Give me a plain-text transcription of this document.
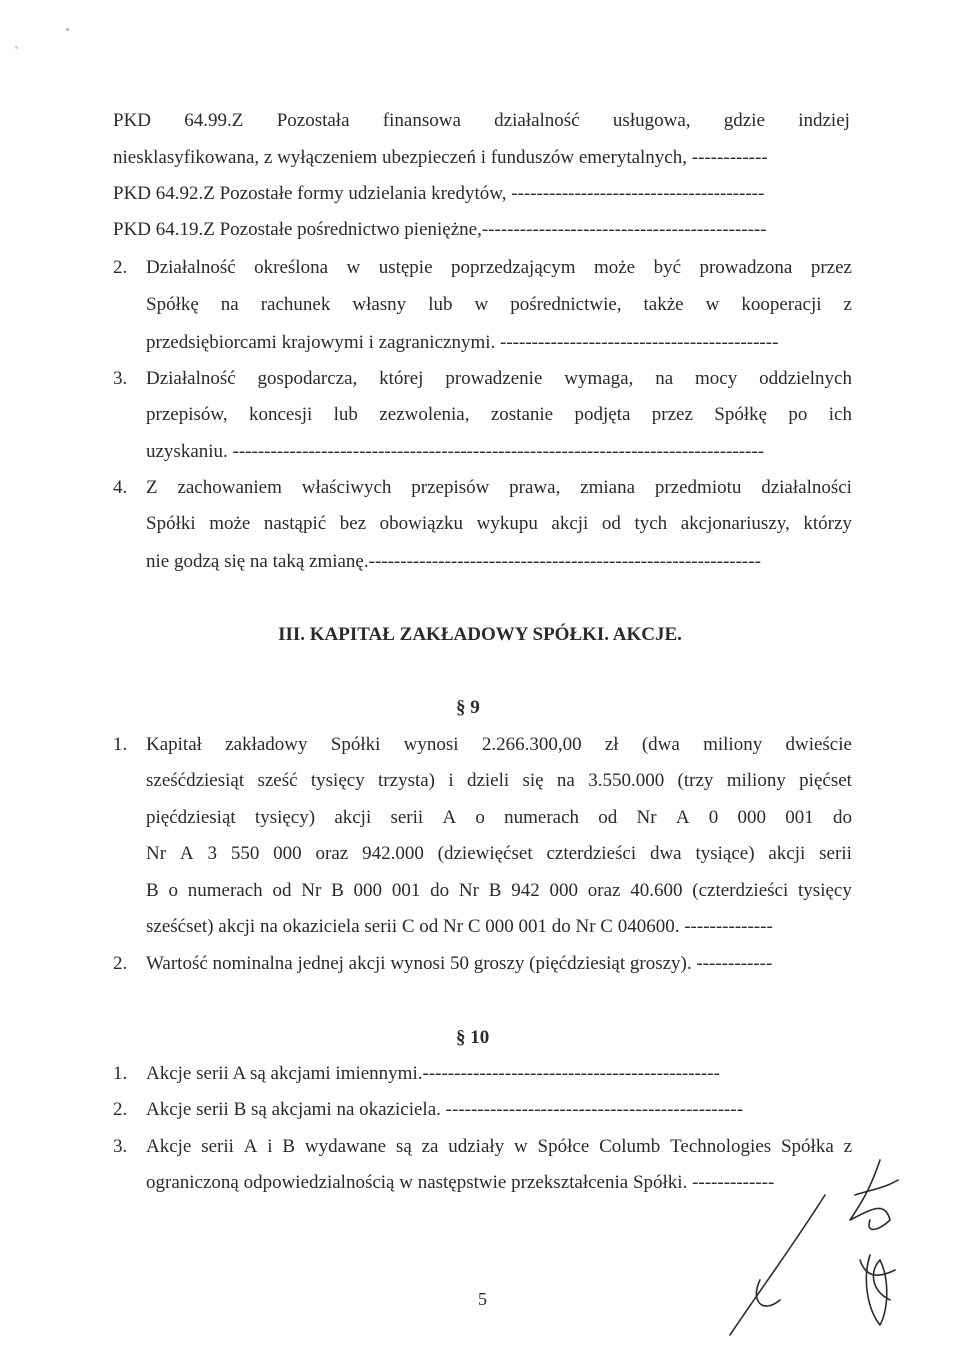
PKD 64.99.Z Pozostała finansowa działalność usługowa, gdzie indziej
niesklasyfikowana, z wyłączeniem ubezpieczeń i funduszów emerytalnych, ------------
PKD 64.92.Z Pozostałe formy udzielania kredytów, ----------------------------------------
PKD 64.19.Z Pozostałe pośrednictwo pieniężne,---------------------------------------------
2. Działalność określona w ustępie poprzedzającym może być prowadzona przez
Spółkę na rachunek własny lub w pośrednictwie, także w kooperacji z
przedsiębiorcami krajowymi i zagranicznymi. --------------------------------------------
3. Działalność gospodarcza, której prowadzenie wymaga, na mocy oddzielnych
przepisów, koncesji lub zezwolenia, zostanie podjęta przez Spółkę po ich
uzyskaniu. ------------------------------------------------------------------------------------
4. Z zachowaniem właściwych przepisów prawa, zmiana przedmiotu działalności
Spółki może nastąpić bez obowiązku wykupu akcji od tych akcjonariuszy, którzy
nie godzą się na taką zmianę.--------------------------------------------------------------
III. KAPITAŁ ZAKŁADOWY SPÓŁKI. AKCJE.
§ 9
1. Kapitał zakładowy Spółki wynosi 2.266.300,00 zł (dwa miliony dwieście
sześćdziesiąt sześć tysięcy trzysta) i dzieli się na 3.550.000 (trzy miliony pięćset
pięćdziesiąt tysięcy) akcji serii A o numerach od Nr A 0 000 001 do
Nr A 3 550 000 oraz 942.000 (dziewięćset czterdzieści dwa tysiące) akcji serii
B o numerach od Nr B 000 001 do Nr B 942 000 oraz 40.600 (czterdzieści tysięcy
sześćset) akcji na okaziciela serii C od Nr C 000 001 do Nr C 040600. --------------
2. Wartość nominalna jednej akcji wynosi 50 groszy (pięćdziesiąt groszy). ------------
§ 10
1. Akcje serii A są akcjami imiennymi.-----------------------------------------------
2. Akcje serii B są akcjami na okaziciela. -----------------------------------------------
3. Akcje serii A i B wydawane są za udziały w Spółce Columb Technologies Spółka z
ograniczoną odpowiedzialnością w następstwie przekształcenia Spółki. -------------
5
